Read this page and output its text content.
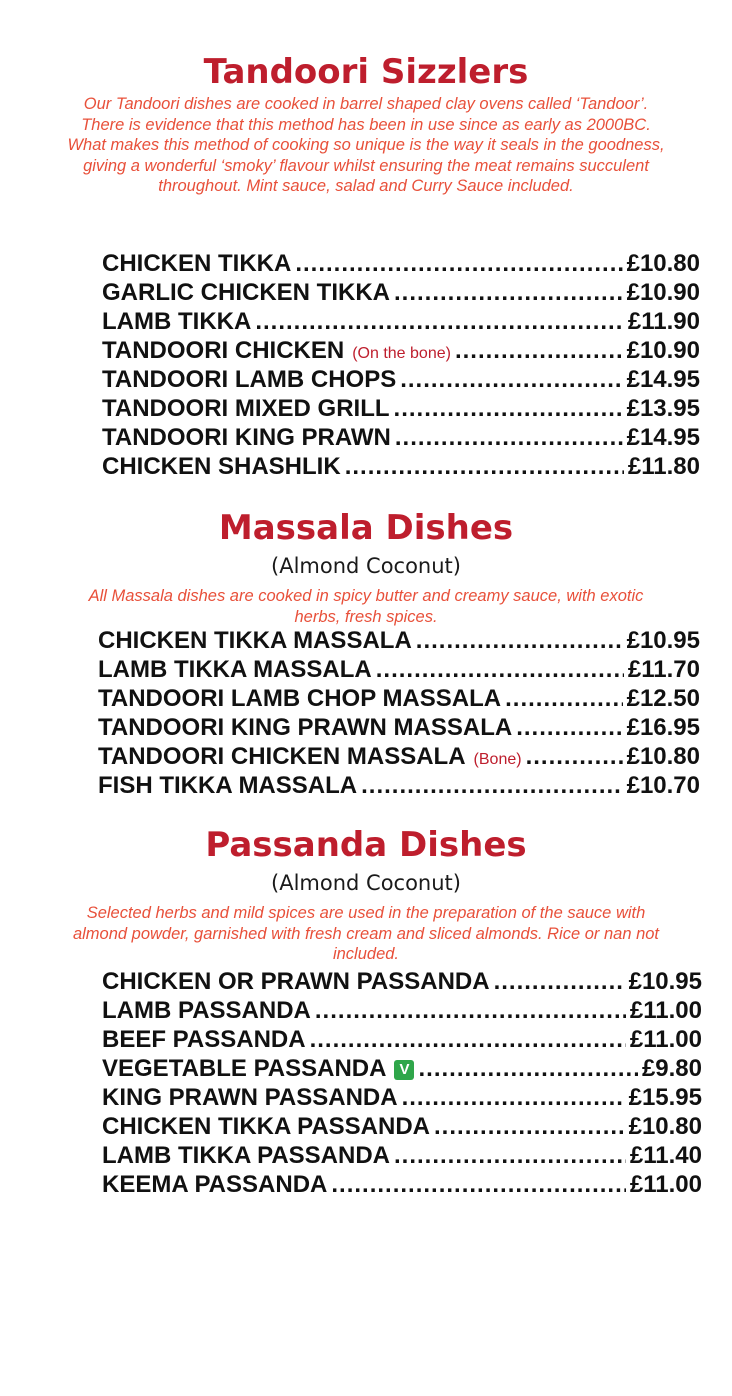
Tandoori Sizzlers

Our Tandoori dishes are cooked in barrel shaped clay ovens called ‘Tandoor’. There is evidence that this method has been in use since as early as 2000BC. What makes this method of cooking so unique is the way it seals in the goodness, giving a wonderful ‘smoky’ flavour whilst ensuring the meat remains succulent throughout. Mint sauce, salad and Curry Sauce included.

CHICKEN TIKKA .....	£10.80
GARLIC CHICKEN TIKKA .....	£10.90
LAMB TIKKA .....	£11.90
TANDOORI CHICKEN (On the bone) .....	£10.90
TANDOORI LAMB CHOPS .....	£14.95
TANDOORI MIXED GRILL .....	£13.95
TANDOORI KING PRAWN .....	£14.95
CHICKEN SHASHLIK .....	£11.80
Massala Dishes

(Almond Coconut)

All Massala dishes are cooked in spicy butter and creamy sauce, with exotic herbs, fresh spices.

CHICKEN TIKKA MASSALA .....	£10.95
LAMB TIKKA MASSALA .....	£11.70
TANDOORI LAMB CHOP MASSALA .....	£12.50
TANDOORI KING PRAWN MASSALA .....	£16.95
TANDOORI CHICKEN MASSALA (Bone) .....	£10.80
FISH TIKKA MASSALA .....	£10.70
Passanda Dishes

(Almond Coconut)

Selected herbs and mild spices are used in the preparation of the sauce with almond powder, garnished with fresh cream and sliced almonds. Rice or nan not included.

CHICKEN OR PRAWN PASSANDA .....	£10.95
LAMB PASSANDA .....	£11.00
BEEF PASSANDA .....	£11.00
VEGETABLE PASSANDA V .....	£9.80
KING PRAWN PASSANDA .....	£15.95
CHICKEN TIKKA PASSANDA .....	£10.80
LAMB TIKKA PASSANDA .....	£11.40
KEEMA PASSANDA .....	£11.00
